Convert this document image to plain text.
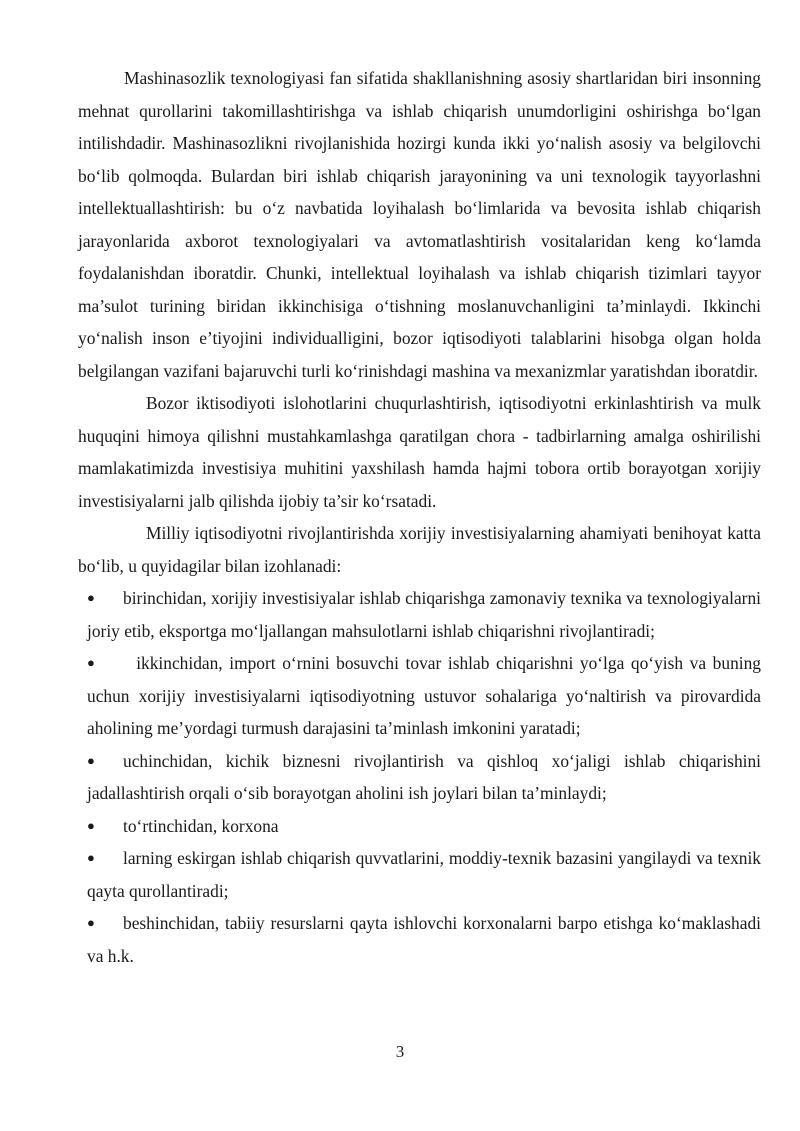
Mashinasozlik texnologiyasi fan sifatida shakllanishning asosiy shartlaridan biri insonning mehnat qurollarini takomillashtirishga va ishlab chiqarish unumdorligini oshirishga bo‘lgan intilishdadir. Mashinasozlikni rivojlanishida hozirgi kunda ikki yo‘nalish asosiy va belgilovchi bo‘lib qolmoqda. Bulardan biri ishlab chiqarish jarayonining va uni texnologik tayyorlashni intellektuallashtirish: bu o‘z navbatida loyihalash bo‘limlarida va bevosita ishlab chiqarish jarayonlarida axborot texnologiyalari va avtomatlashtirish vositalaridan keng ko‘lamda foydalanishdan iboratdir. Chunki, intellektual loyihalash va ishlab chiqarish tizimlari tayyor ma’sulot turining biridan ikkinchisiga o‘tishning moslanuvchanligini ta’minlaydi. Ikkinchi yo‘nalish inson e’tiyojini individualligini, bozor iqtisodiyoti talablarini hisobga olgan holda belgilangan vazifani bajaruvchi turli ko‘rinishdagi mashina va mexanizmlar yaratishdan iboratdir.

Bozor iktisodiyoti islohotlarini chuqurlashtirish, iqtisodiyotni erkinlashtirish va mulk huquqini himoya qilishni mustahkamlashga qaratilgan chora - tadbirlarning amalga oshirilishi mamlakatimizda investisiya muhitini yaxshilash hamda hajmi tobora ortib borayotgan xorijiy investisiyalarni jalb qilishda ijobiy ta’sir ko‘rsatadi.

Milliy iqtisodiyotni rivojlantirishda xorijiy investisiyalarning ahamiyati benihoyat katta bo‘lib, u quyidagilar bilan izohlanadi:

● birinchidan, xorijiy investisiyalar ishlab chiqarishga zamonaviy texnika va texnologiyalarni joriy etib, eksportga mo‘ljallangan mahsulotlarni ishlab chiqarishni rivojlantiradi;
●  ikkinchidan, import o‘rnini bosuvchi tovar ishlab chiqarishni yo‘lga qo‘yish va buning uchun xorijiy investisiyalarni iqtisodiyotning ustuvor sohalariga yo‘naltirish va pirovardida aholining me’yordagi turmush darajasini ta’minlash imkonini yaratadi;
● uchinchidan, kichik biznesni rivojlantirish va qishloq xo‘jaligi ishlab chiqarishini jadallashtirish orqali o‘sib borayotgan aholini ish joylari bilan ta’minlaydi;
● to‘rtinchidan, korxona
● larning eskirgan ishlab chiqarish quvvatlarini, moddiy-texnik bazasini yangilaydi va texnik qayta qurollantiradi;
● beshinchidan, tabiiy resurslarni qayta ishlovchi korxonalarni barpo etishga ko‘maklashadi va h.k.
3
